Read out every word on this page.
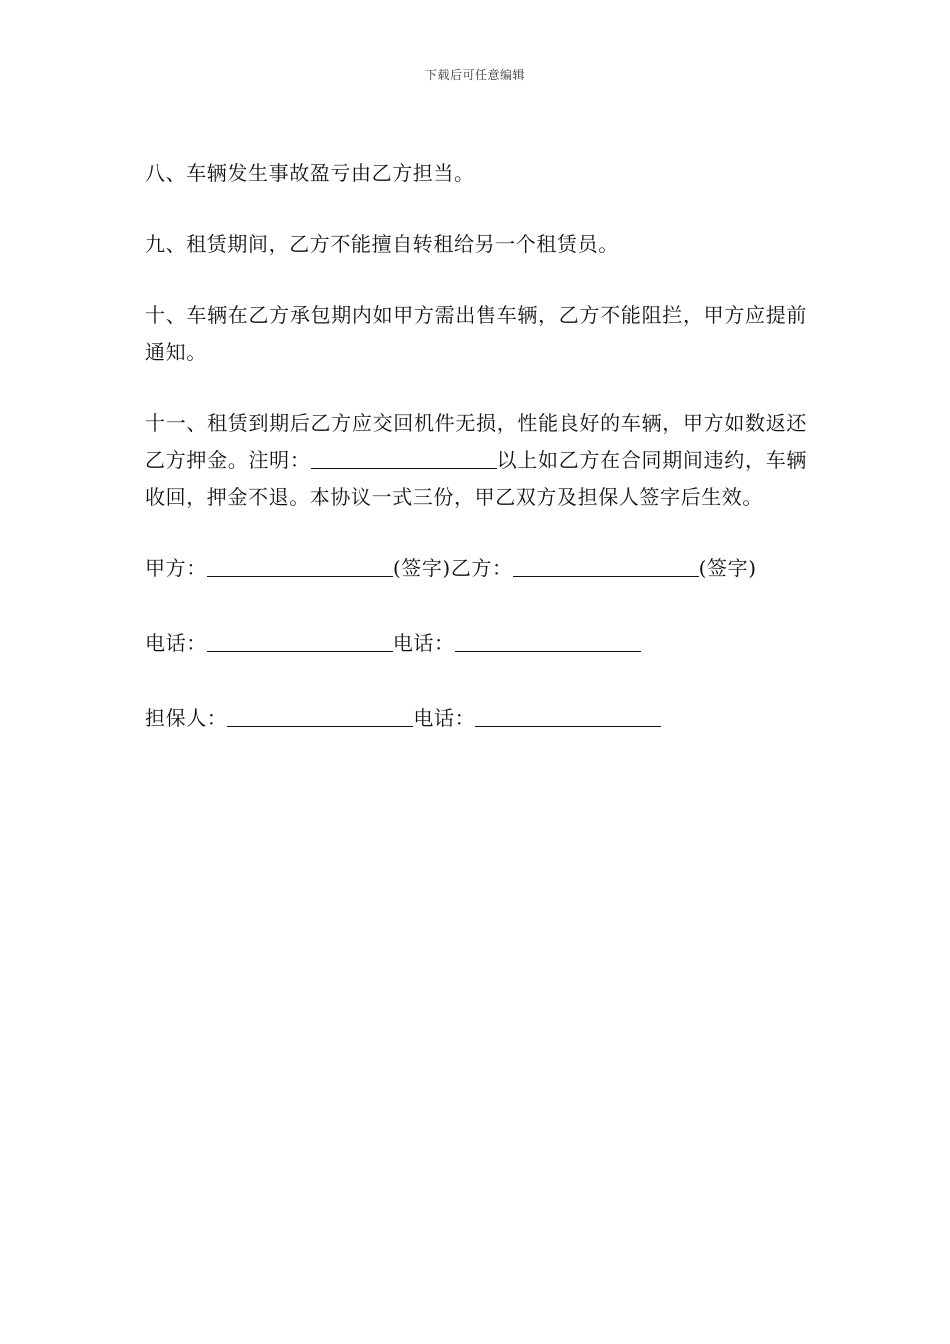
下载后可任意编辑

八、车辆发生事故盈亏由乙方担当。

九、租赁期间，乙方不能擅自转租给另一个租赁员。

十、车辆在乙方承包期内如甲方需出售车辆，乙方不能阻拦，甲方应提前通知。

十一、租赁到期后乙方应交回机件无损，性能良好的车辆，甲方如数返还乙方押金。注明：	以上如乙方在合同期间违约，车辆收回，押金不退。本协议一式三份，甲乙双方及担保人签字后生效。

甲方：	(签字)乙方：	(签字)
电话：	电话：
担保人：	电话：
